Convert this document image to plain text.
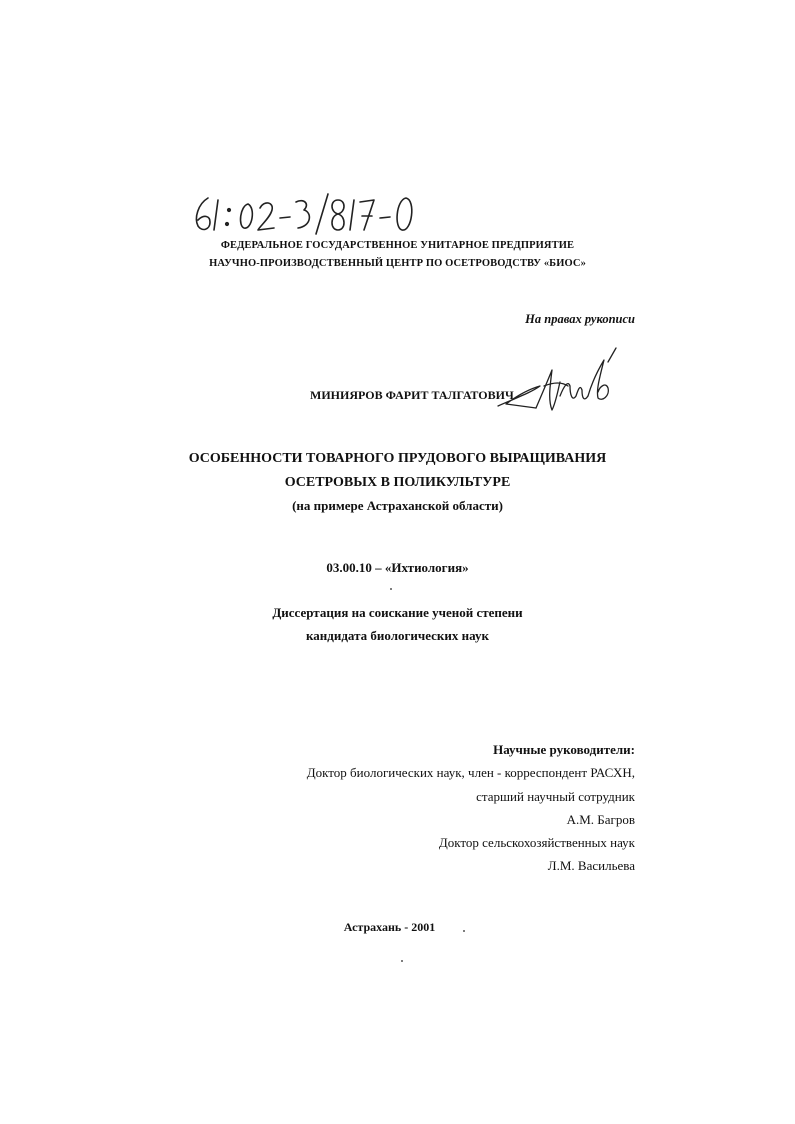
61:02-3/817-0
ФЕДЕРАЛЬНОЕ ГОСУДАРСТВЕННОЕ УНИТАРНОЕ ПРЕДПРИЯТИЕ
НАУЧНО-ПРОИЗВОДСТВЕННЫЙ ЦЕНТР ПО ОСЕТРОВОДСТВУ «БИОС»
На правах рукописи
МИНИЯРОВ ФАРИТ ТАЛГАТОВИЧ
ОСОБЕННОСТИ ТОВАРНОГО ПРУДОВОГО ВЫРАЩИВАНИЯ
ОСЕТРОВЫХ В ПОЛИКУЛЬТУРЕ
(на примере Астраханской области)
03.00.10 – «Ихтиология»
Диссертация на соискание ученой степени
кандидата биологических наук
Научные руководители:
Доктор биологических наук, член - корреспондент РАСХН,
старший научный сотрудник
А.М. Багров
Доктор сельскохозяйственных наук
Л.М. Васильева
Астрахань - 2001
